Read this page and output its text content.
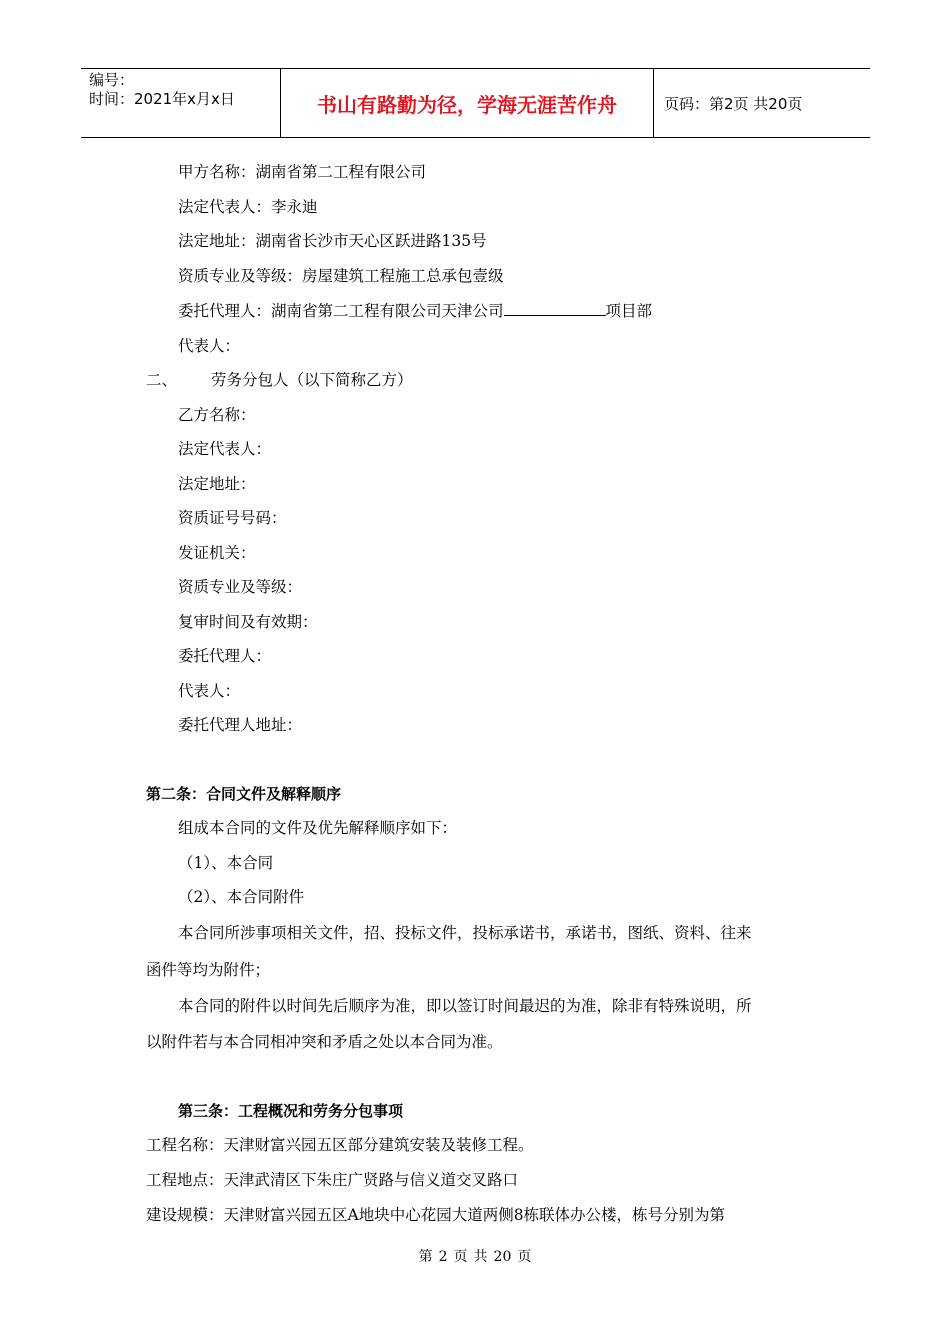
编号：
时间：2021年x月x日	书山有路勤为径，学海无涯苦作舟	页码：第2页 共20页
甲方名称：湖南省第二工程有限公司
法定代表人：李永迪
法定地址：湖南省长沙市天心区跃进路135号
资质专业及等级：房屋建筑工程施工总承包壹级
委托代理人：湖南省第二工程有限公司天津公司	项目部
代表人：
二、 劳务分包人（以下简称乙方）
乙方名称：
法定代表人：
法定地址：
资质证号号码：
发证机关：
资质专业及等级：
复审时间及有效期：
委托代理人：
代表人：
委托代理人地址：
第二条：合同文件及解释顺序
组成本合同的文件及优先解释顺序如下：
（1）、本合同
（2）、本合同附件
本合同所涉事项相关文件，招、投标文件，投标承诺书，承诺书，图纸、资料、往来
函件等均为附件；
本合同的附件以时间先后顺序为准，即以签订时间最迟的为准，除非有特殊说明，所
以附件若与本合同相冲突和矛盾之处以本合同为准。
第三条：工程概况和劳务分包事项
工程名称：天津财富兴园五区部分建筑安装及装修工程。
工程地点：天津武清区下朱庄广贤路与信义道交叉路口
建设规模：天津财富兴园五区A地块中心花园大道两侧8栋联体办公楼，栋号分别为第
第 2 页 共 20 页
